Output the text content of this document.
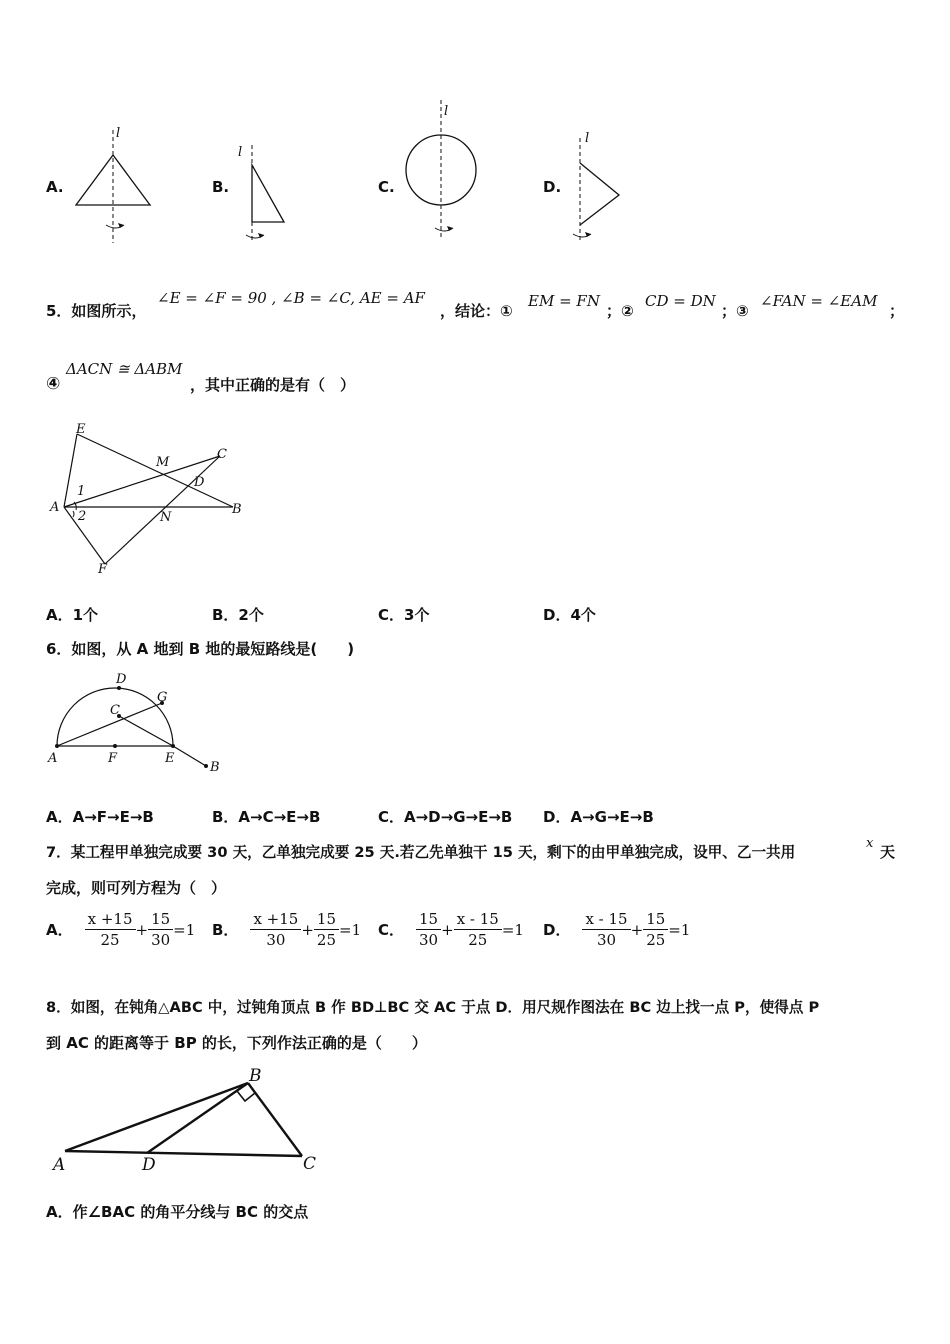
A.
l
B.
l
C.
l
D.
l
5．如图所示，
∠E = ∠F = 90 , ∠B = ∠C, AE = AF
，结论：①
EM = FN
；②
CD = DN
；③
∠FAN = ∠EAM
；
④
ΔACN ≅ ΔABM
，其中正确的是有（　）
E
M
C
1
D
A
2	N
B
F
A．1个	B．2个	C．3个	D．4个
6．如图，从 A 地到 B 地的最短路线是(　　)
D
G
C
A	F	E
B
A．A→F→E→B	B．A→C→E→B	C．A→D→G→E→B D．A→G→E→B
7．某工程甲单独完成要 30 天，乙单独完成要 25 天.若乙先单独干 15 天，剩下的由甲单独完成，设甲、乙一共用
x 天
完成，则可列方程为（　）
A． $\frac{x +15}{25} + \frac{15}{30} =1$ B． $\frac{x +15}{30} + \frac{15}{25} =1$ C． $\frac{15}{30} + \frac{x - 15}{25} =1$ D． $\frac{x - 15}{30} + \frac{15}{25} =1$
8．如图，在钝角△ABC 中，过钝角顶点 B 作 BD⊥BC 交 AC 于点 D．用尺规作图法在 BC 边上找一点 P，使得点 P
到 AC 的距离等于 BP 的长，下列作法正确的是（　　）
A
B
C
D
A．作∠BAC 的角平分线与 BC 的交点
